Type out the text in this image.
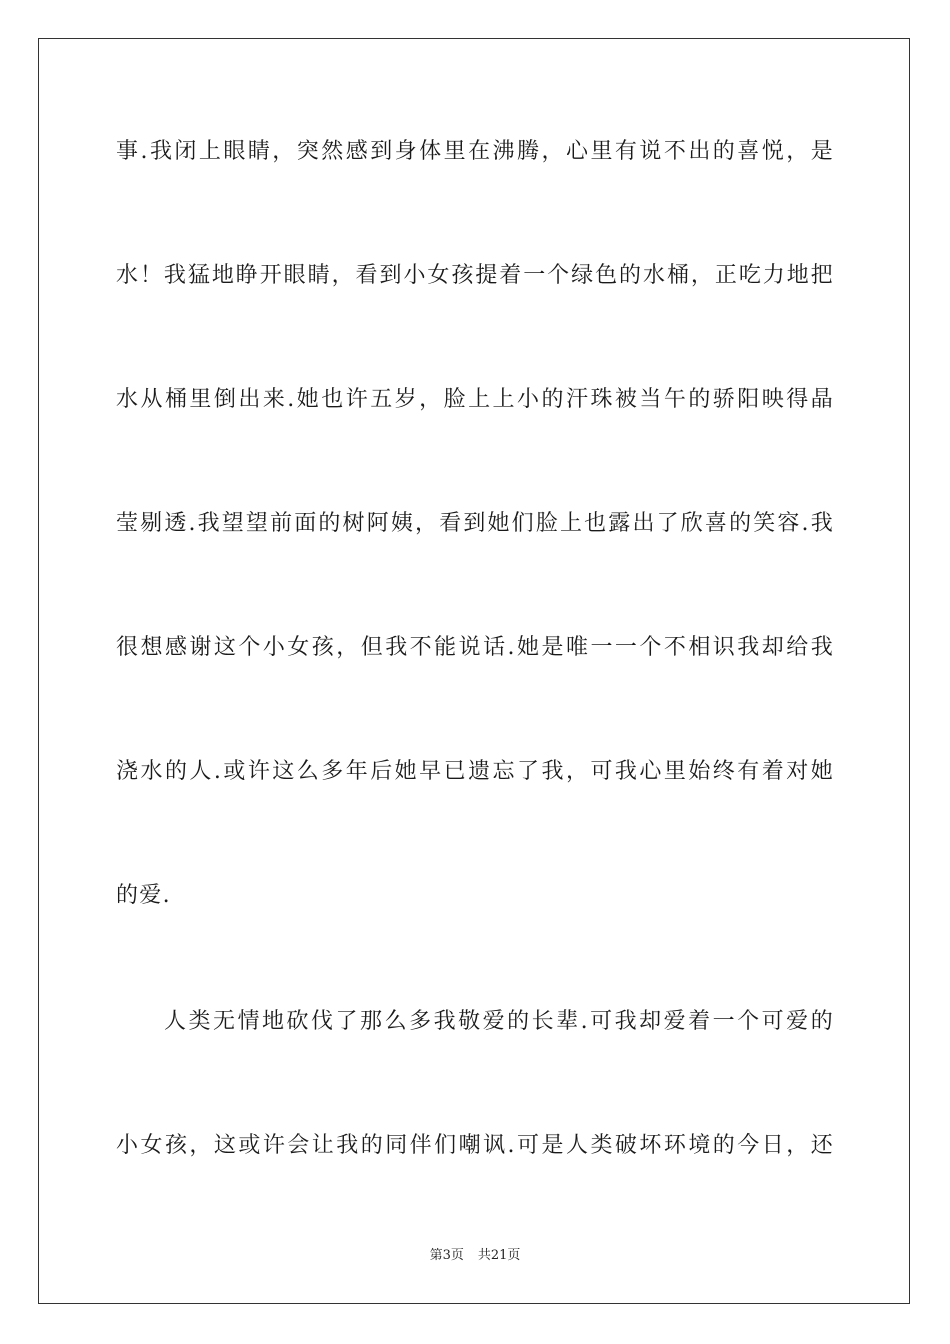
事.我闭上眼睛，突然感到身体里在沸腾，心里有说不出的喜悦，是
水！我猛地睁开眼睛，看到小女孩提着一个绿色的水桶，正吃力地把
水从桶里倒出来.她也许五岁，脸上上小的汗珠被当午的骄阳映得晶
莹剔透.我望望前面的树阿姨，看到她们脸上也露出了欣喜的笑容.我
很想感谢这个小女孩，但我不能说话.她是唯一一个不相识我却给我
浇水的人.或许这么多年后她早已遗忘了我，可我心里始终有着对她
的爱.
人类无情地砍伐了那么多我敬爱的长辈.可我却爱着一个可爱的
小女孩，这或许会让我的同伴们嘲讽.可是人类破坏环境的今日，还
第3页 共21页
